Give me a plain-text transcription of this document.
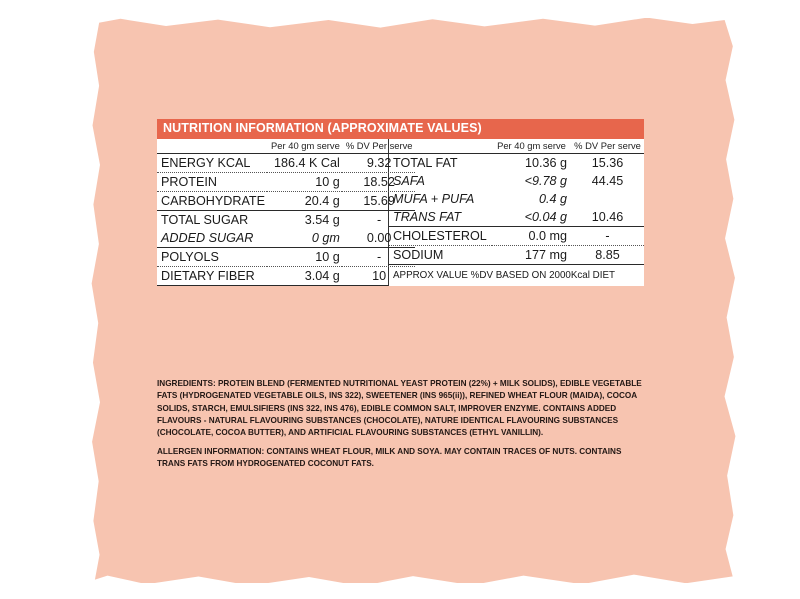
NUTRITION INFORMATION (APPROXIMATE VALUES)
	Per 40 gm serve	% DV Per serve
ENERGY KCAL	186.4 K Cal	9.32
PROTEIN	10 g	18.52
CARBOHYDRATE	20.4 g	15.69
TOTAL SUGAR	3.54 g	-
ADDED SUGAR	0 gm	0.00
POLYOLS	10 g	-
DIETARY FIBER	3.04 g	10
	Per 40 gm serve	% DV Per serve
TOTAL FAT	10.36 g	15.36
SAFA	<9.78 g	44.45
MUFA + PUFA	0.4 g	
TRANS FAT	<0.04 g	10.46
CHOLESTEROL	0.0 mg	-
SODIUM	177 mg	8.85
APPROX VALUE %DV BASED ON 2000Kcal DIET
INGREDIENTS: PROTEIN BLEND (FERMENTED NUTRITIONAL YEAST PROTEIN (22%) + MILK SOLIDS), EDIBLE VEGETABLE FATS (HYDROGENATED VEGETABLE OILS, INS 322), SWEETENER (INS 965(ii)), REFINED WHEAT FLOUR (MAIDA), COCOA SOLIDS, STARCH, EMULSIFIERS (INS 322, INS 476), EDIBLE COMMON SALT, IMPROVER ENZYME. CONTAINS ADDED FLAVOURS - NATURAL FLAVOURING SUBSTANCES (CHOCOLATE), NATURE IDENTICAL FLAVOURING SUBSTANCES (CHOCOLATE, COCOA BUTTER), AND ARTIFICIAL FLAVOURING SUBSTANCES (ETHYL VANILLIN).
ALLERGEN INFORMATION: CONTAINS WHEAT FLOUR, MILK AND SOYA. MAY CONTAIN TRACES OF NUTS. CONTAINS TRANS FATS FROM HYDROGENATED COCONUT FATS.
